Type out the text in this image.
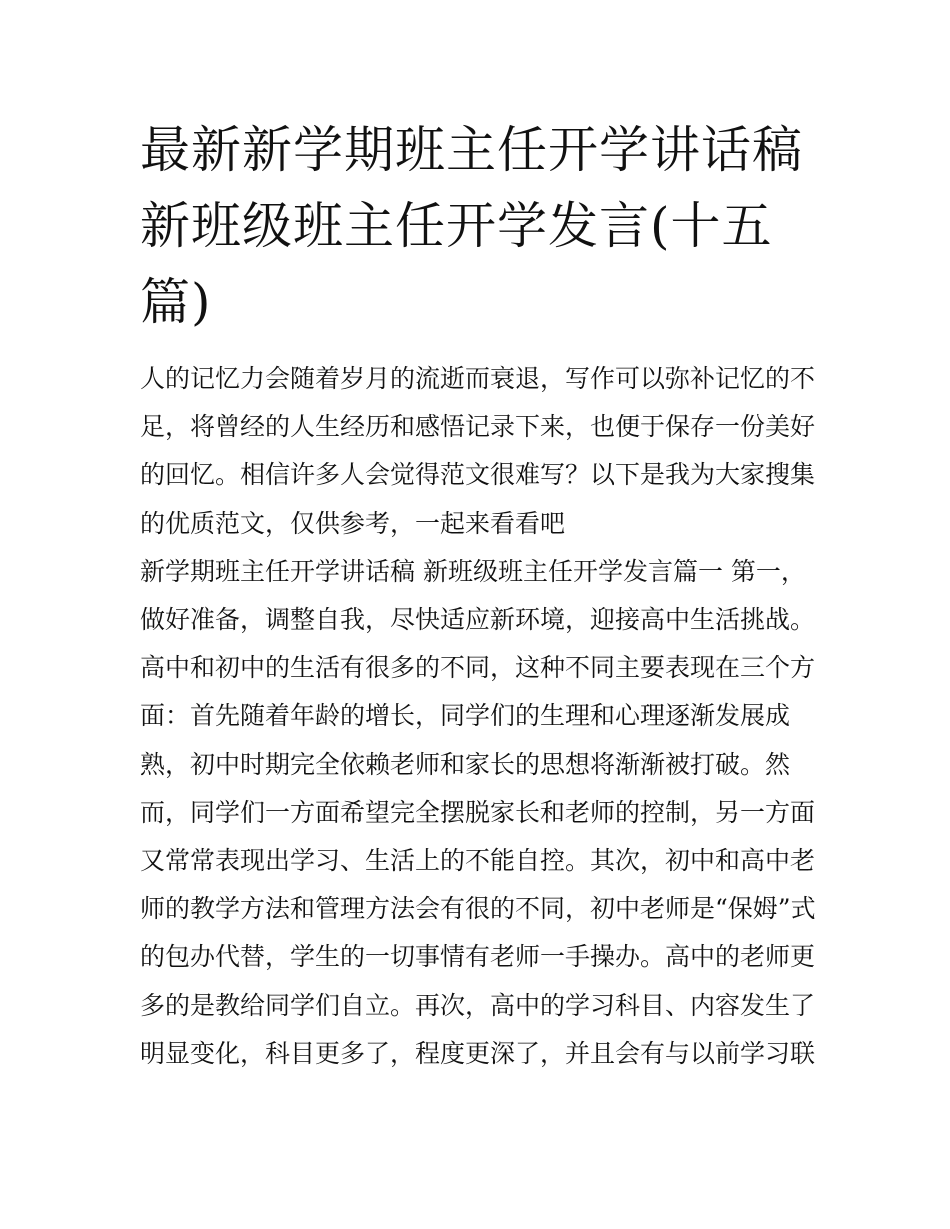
最新新学期班主任开学讲话稿
新班级班主任开学发言(十五
篇)
人的记忆力会随着岁月的流逝而衰退，写作可以弥补记忆的不
足，将曾经的人生经历和感悟记录下来，也便于保存一份美好
的回忆。相信许多人会觉得范文很难写？以下是我为大家搜集
的优质范文，仅供参考，一起来看看吧
新学期班主任开学讲话稿 新班级班主任开学发言篇一 第一，
做好准备，调整自我，尽快适应新环境，迎接高中生活挑战。
高中和初中的生活有很多的不同，这种不同主要表现在三个方
面：首先随着年龄的增长，同学们的生理和心理逐渐发展成
熟，初中时期完全依赖老师和家长的思想将渐渐被打破。然
而，同学们一方面希望完全摆脱家长和老师的控制，另一方面
又常常表现出学习、生活上的不能自控。其次，初中和高中老
师的教学方法和管理方法会有很的不同，初中老师是“保姆”式
的包办代替，学生的一切事情有老师一手操办。高中的老师更
多的是教给同学们自立。再次，高中的学习科目、内容发生了
明显变化，科目更多了，程度更深了，并且会有与以前学习联
